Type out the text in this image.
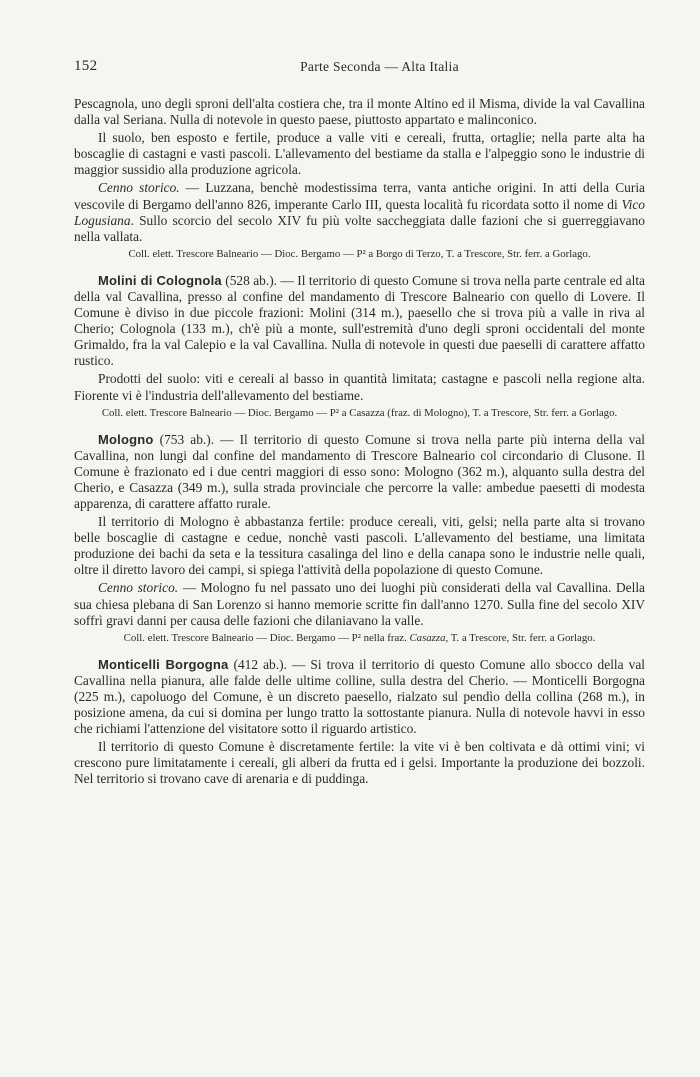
152	Parte Seconda — Alta Italia

Pescagnola, uno degli sproni dell'alta costiera che, tra il monte Altino ed il Misma, divide la val Cavallina dalla val Seriana. Nulla di notevole in questo paese, piuttosto appartato e malinconico.

Il suolo, ben esposto e fertile, produce a valle viti e cereali, frutta, ortaglie; nella parte alta ha boscaglie di castagni e vasti pascoli. L'allevamento del bestiame da stalla e l'alpeggio sono le industrie di maggior sussidio alla produzione agricola.

Cenno storico. — Luzzana, benchè modestissima terra, vanta antiche origini. In atti della Curia vescovile di Bergamo dell'anno 826, imperante Carlo III, questa località fu ricordata sotto il nome di Vico Logusiana. Sullo scorcio del secolo XIV fu più volte saccheggiata dalle fazioni che si guerreggiavano nella vallata.

Coll. elett. Trescore Balneario — Dioc. Bergamo — P² a Borgo di Terzo, T. a Trescore, Str. ferr. a Gorlago.

Molini di Colognola (528 ab.). — Il territorio di questo Comune si trova nella parte centrale ed alta della val Cavallina, presso al confine del mandamento di Trescore Balneario con quello di Lovere. Il Comune è diviso in due piccole frazioni: Molini (314 m.), paesello che si trova più a valle in riva al Cherio; Colognola (133 m.), ch'è più a monte, sull'estremità d'uno degli sproni occidentali del monte Grimaldo, fra la val Calepio e la val Cavallina. Nulla di notevole in questi due paeselli di carattere affatto rustico.

Prodotti del suolo: viti e cereali al basso in quantità limitata; castagne e pascoli nella regione alta. Fiorente vi è l'industria dell'allevamento del bestiame.

Coll. elett. Trescore Balneario — Dioc. Bergamo — P² a Casazza (fraz. di Mologno), T. a Trescore, Str. ferr. a Gorlago.

Mologno (753 ab.). — Il territorio di questo Comune si trova nella parte più interna della val Cavallina, non lungi dal confine del mandamento di Trescore Balneario col circondario di Clusone. Il Comune è frazionato ed i due centri maggiori di esso sono: Mologno (362 m.), alquanto sulla destra del Cherio, e Casazza (349 m.), sulla strada provinciale che percorre la valle: ambedue paesetti di modesta apparenza, di carattere affatto rurale.

Il territorio di Mologno è abbastanza fertile: produce cereali, viti, gelsi; nella parte alta si trovano belle boscaglie di castagne e cedue, nonchè vasti pascoli. L'allevamento del bestiame, una limitata produzione dei bachi da seta e la tessitura casalinga del lino e della canapa sono le industrie nelle quali, oltre il diretto lavoro dei campi, si spiega l'attività della popolazione di questo Comune.

Cenno storico. — Mologno fu nel passato uno dei luoghi più considerati della val Cavallina. Della sua chiesa plebana di San Lorenzo si hanno memorie scritte fin dall'anno 1270. Sulla fine del secolo XIV soffrì gravi danni per causa delle fazioni che dilaniavano la valle.

Coll. elett. Trescore Balneario — Dioc. Bergamo — P² nella fraz. Casazza, T. a Trescore, Str. ferr. a Gorlago.

Monticelli Borgogna (412 ab.). — Si trova il territorio di questo Comune allo sbocco della val Cavallina nella pianura, alle falde delle ultime colline, sulla destra del Cherio. — Monticelli Borgogna (225 m.), capoluogo del Comune, è un discreto paesello, rialzato sul pendìo della collina (268 m.), in posizione amena, da cui si domina per lungo tratto la sottostante pianura. Nulla di notevole havvi in esso che richiami l'attenzione del visitatore sotto il riguardo artistico.

Il territorio di questo Comune è discretamente fertile: la vite vi è ben coltivata e dà ottimi vini; vi crescono pure limitatamente i cereali, gli alberi da frutta ed i gelsi. Importante la produzione dei bozzoli. Nel territorio si trovano cave di arenaria e di puddinga.
